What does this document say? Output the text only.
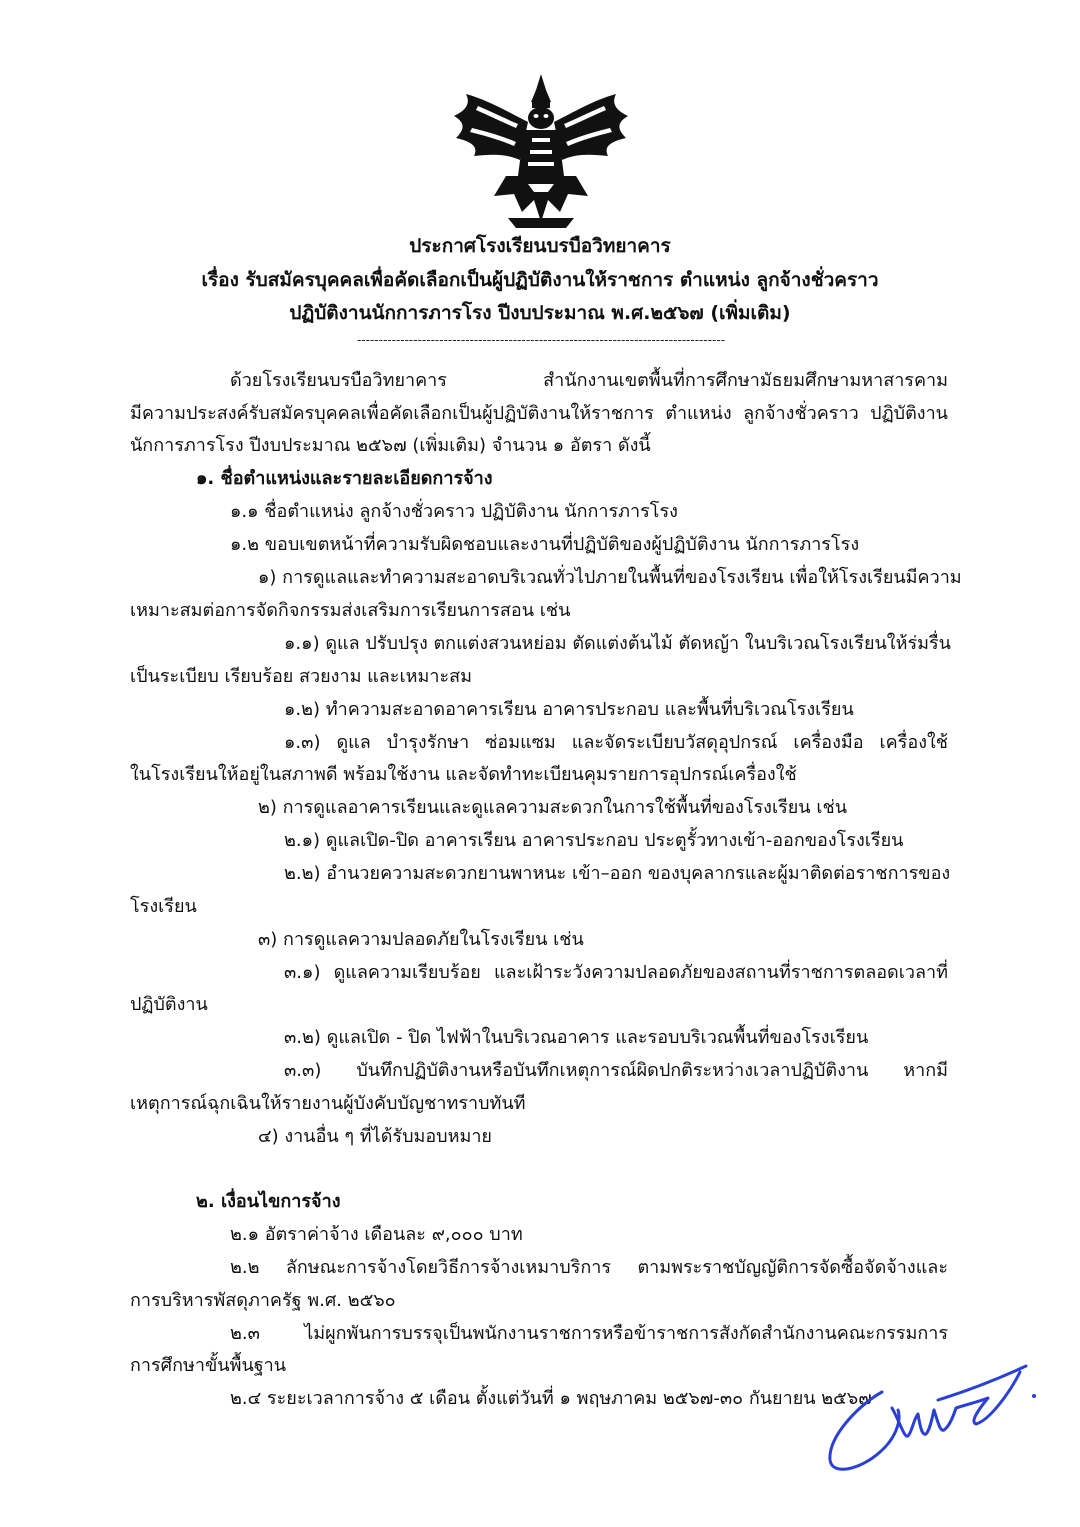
ประกาศโรงเรียนบรบือวิทยาคาร
เรื่อง รับสมัครบุคคลเพื่อคัดเลือกเป็นผู้ปฏิบัติงานให้ราชการ ตำแหน่ง ลูกจ้างชั่วคราว
ปฏิบัติงานนักการภารโรง ปีงบประมาณ พ.ศ.๒๕๖๗ (เพิ่มเติม)
-------------------------------------------------------------------------------------
ด้วยโรงเรียนบรบือวิทยาคาร สำนักงานเขตพื้นที่การศึกษามัธยมศึกษามหาสารคาม
มีความประสงค์รับสมัครบุคคลเพื่อคัดเลือกเป็นผู้ปฏิบัติงานให้ราชการ ตำแหน่ง ลูกจ้างชั่วคราว ปฏิบัติงาน
นักการภารโรง ปีงบประมาณ ๒๕๖๗ (เพิ่มเติม) จำนวน ๑ อัตรา ดังนี้
๑. ชื่อตำแหน่งและรายละเอียดการจ้าง
๑.๑ ชื่อตำแหน่ง ลูกจ้างชั่วคราว ปฏิบัติงาน นักการภารโรง
๑.๒ ขอบเขตหน้าที่ความรับผิดชอบและงานที่ปฏิบัติของผู้ปฏิบัติงาน นักการภารโรง
๑) การดูแลและทำความสะอาดบริเวณทั่วไปภายในพื้นที่ของโรงเรียน เพื่อให้โรงเรียนมีความ
เหมาะสมต่อการจัดกิจกรรมส่งเสริมการเรียนการสอน เช่น
๑.๑) ดูแล ปรับปรุง ตกแต่งสวนหย่อม ตัดแต่งต้นไม้ ตัดหญ้า ในบริเวณโรงเรียนให้ร่มรื่น
เป็นระเบียบ เรียบร้อย สวยงาม และเหมาะสม
๑.๒) ทำความสะอาดอาคารเรียน อาคารประกอบ และพื้นที่บริเวณโรงเรียน
๑.๓) ดูแล บำรุงรักษา ซ่อมแซม และจัดระเบียบวัสดุอุปกรณ์ เครื่องมือ เครื่องใช้
ในโรงเรียนให้อยู่ในสภาพดี พร้อมใช้งาน และจัดทำทะเบียนคุมรายการอุปกรณ์เครื่องใช้
๒) การดูแลอาคารเรียนและดูแลความสะดวกในการใช้พื้นที่ของโรงเรียน เช่น
๒.๑) ดูแลเปิด-ปิด อาคารเรียน อาคารประกอบ ประตูรั้วทางเข้า-ออกของโรงเรียน
๒.๒) อำนวยความสะดวกยานพาหนะ เข้า–ออก ของบุคลากรและผู้มาติดต่อราชการของ
โรงเรียน
๓) การดูแลความปลอดภัยในโรงเรียน เช่น
๓.๑) ดูแลความเรียบร้อย และเฝ้าระวังความปลอดภัยของสถานที่ราชการตลอดเวลาที่
ปฏิบัติงาน
๓.๒) ดูแลเปิด - ปิด ไฟฟ้าในบริเวณอาคาร และรอบบริเวณพื้นที่ของโรงเรียน
๓.๓) บันทึกปฏิบัติงานหรือบันทึกเหตุการณ์ผิดปกติระหว่างเวลาปฏิบัติงาน หากมี
เหตุการณ์ฉุกเฉินให้รายงานผู้บังคับบัญชาทราบทันที
๔) งานอื่น ๆ ที่ได้รับมอบหมาย
๒. เงื่อนไขการจ้าง
๒.๑ อัตราค่าจ้าง เดือนละ ๙,๐๐๐ บาท
๒.๒ ลักษณะการจ้างโดยวิธีการจ้างเหมาบริการ ตามพระราชบัญญัติการจัดซื้อจัดจ้างและ
การบริหารพัสดุภาครัฐ พ.ศ. ๒๕๖๐
๒.๓ ไม่ผูกพันการบรรจุเป็นพนักงานราชการหรือข้าราชการสังกัดสำนักงานคณะกรรมการ
การศึกษาขั้นพื้นฐาน
๒.๔ ระยะเวลาการจ้าง ๕ เดือน ตั้งแต่วันที่ ๑ พฤษภาคม ๒๕๖๗-๓๐ กันยายน ๒๕๖๗
